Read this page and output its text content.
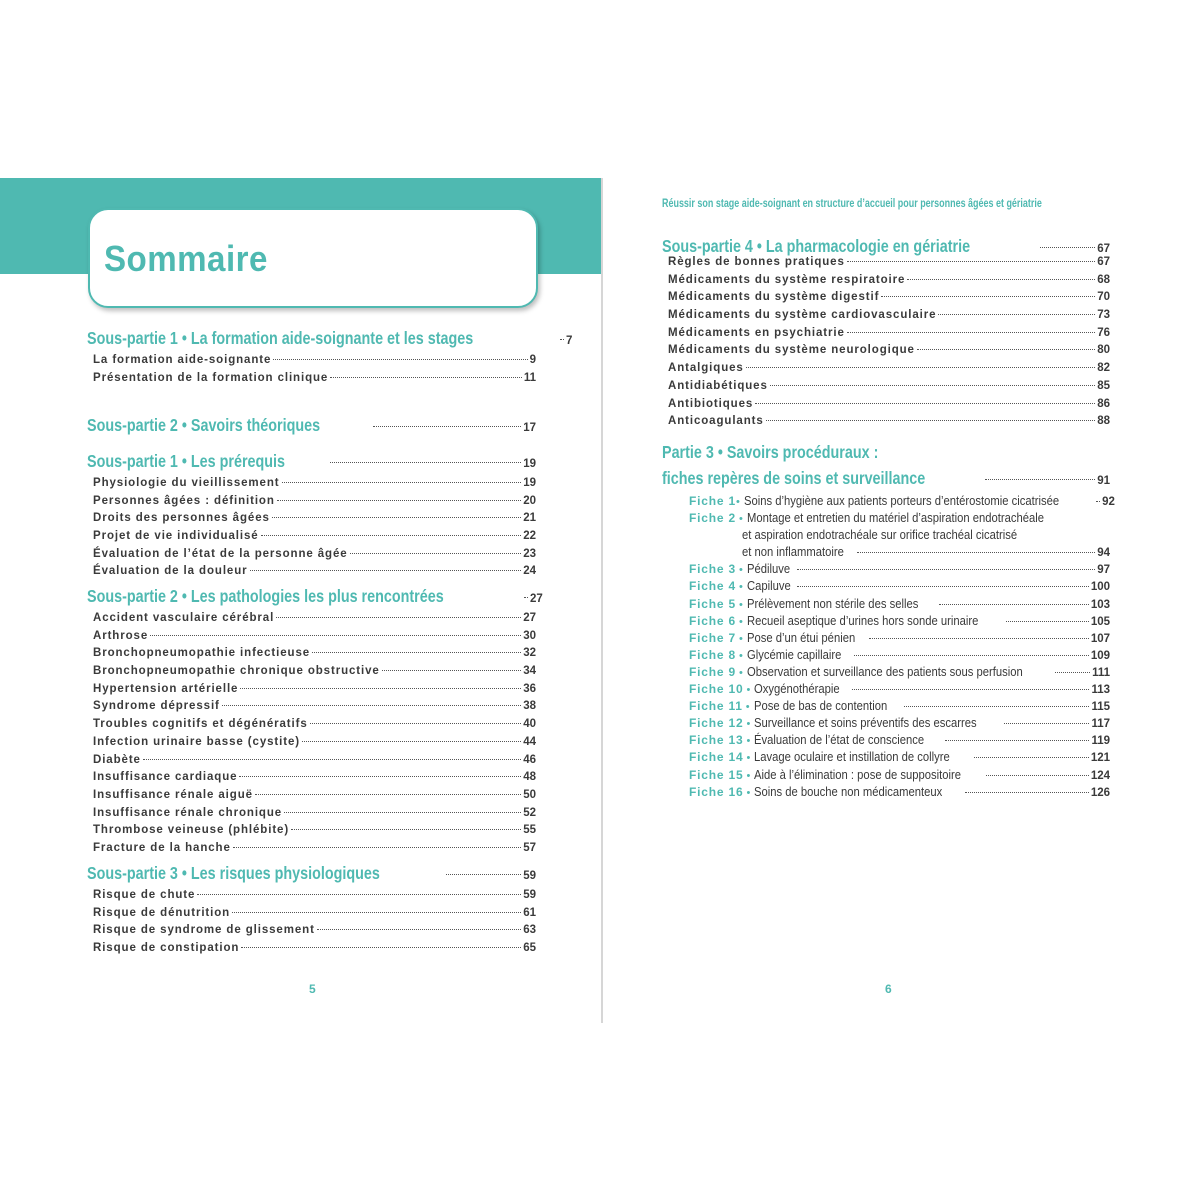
Sommaire
Sous-partie 1 • La formation aide-soignante et les stages	7
La formation aide-soignante	9
Présentation de la formation clinique	11
Sous-partie 2 • Savoirs théoriques	17
Sous-partie 1 • Les prérequis	19
Physiologie du vieillissement	19
Personnes âgées : définition	20
Droits des personnes âgées	21
Projet de vie individualisé	22
Évaluation de l’état de la personne âgée	23
Évaluation de la douleur	24
Sous-partie 2 • Les pathologies les plus rencontrées	27
Accident vasculaire cérébral	27
Arthrose	30
Bronchopneumopathie infectieuse	32
Bronchopneumopathie chronique obstructive	34
Hypertension artérielle	36
Syndrome dépressif	38
Troubles cognitifs et dégénératifs	40
Infection urinaire basse (cystite)	44
Diabète	46
Insuffisance cardiaque	48
Insuffisance rénale aiguë	50
Insuffisance rénale chronique	52
Thrombose veineuse (phlébite)	55
Fracture de la hanche	57
Sous-partie 3 • Les risques physiologiques	59
Risque de chute	59
Risque de dénutrition	61
Risque de syndrome de glissement	63
Risque de constipation	65
5
Réussir son stage aide-soignant en structure d’accueil pour personnes âgées et gériatrie
Sous-partie 4 • La pharmacologie en gériatrie	67
Règles de bonnes pratiques	67
Médicaments du système respiratoire	68
Médicaments du système digestif	70
Médicaments du système cardiovasculaire	73
Médicaments en psychiatrie	76
Médicaments du système neurologique	80
Antalgiques	82
Antidiabétiques	85
Antibiotiques	86
Anticoagulants	88
Partie 3 • Savoirs procéduraux :
fiches repères de soins et surveillance	91
Fiche 1 • Soins d’hygiène aux patients porteurs d’entérostomie cicatrisée	92
Fiche 2 • Montage et entretien du matériel d’aspiration endotrachéale
et aspiration endotrachéale sur orifice trachéal cicatrisé
et non inflammatoire	94
Fiche 3 • Pédiluve	97
Fiche 4 • Capiluve	100
Fiche 5 • Prélèvement non stérile des selles	103
Fiche 6 • Recueil aseptique d’urines hors sonde urinaire	105
Fiche 7 • Pose d’un étui pénien	107
Fiche 8 • Glycémie capillaire	109
Fiche 9 • Observation et surveillance des patients sous perfusion	111
Fiche 10 • Oxygénothérapie	113
Fiche 11 • Pose de bas de contention	115
Fiche 12 • Surveillance et soins préventifs des escarres	117
Fiche 13 • Évaluation de l’état de conscience	119
Fiche 14 • Lavage oculaire et instillation de collyre	121
Fiche 15 • Aide à l’élimination : pose de suppositoire	124
Fiche 16 • Soins de bouche non médicamenteux	126
6
